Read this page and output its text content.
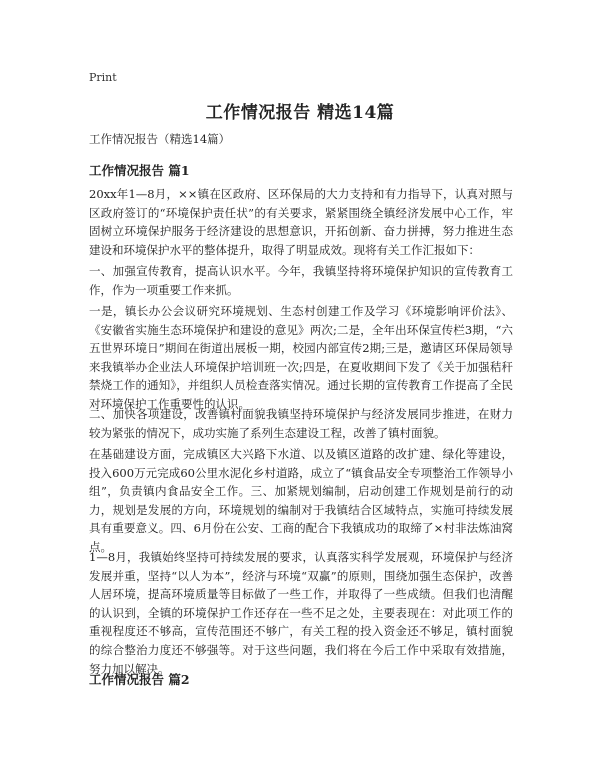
Print
工作情况报告 精选14篇
工作情况报告（精选14篇）
工作情况报告 篇1
20xx年1—8月，××镇在区政府、区环保局的大力支持和有力指导下，认真对照与区政府签订的“环境保护责任状”的有关要求，紧紧围绕全镇经济发展中心工作，牢固树立环境保护服务于经济建设的思想意识，开拓创新、奋力拼搏，努力推进生态建设和环境保护水平的整体提升，取得了明显成效。现将有关工作汇报如下：
一、加强宣传教育，提高认识水平。今年，我镇坚持将环境保护知识的宣传教育工作，作为一项重要工作来抓。
一是，镇长办公会议研究环境规划、生态村创建工作及学习《环境影响评价法》、《安徽省实施生态环境保护和建设的意见》两次;二是，全年出环保宣传栏3期，“六五世界环境日”期间在街道出展板一期，校园内部宣传2期;三是，邀请区环保局领导来我镇举办企业法人环境保护培训班一次;四是，在夏收期间下发了《关于加强秸秆禁烧工作的通知》，并组织人员检查落实情况。通过长期的宣传教育工作提高了全民对环境保护工作重要性的认识。
二、加快各项建设，改善镇村面貌我镇坚持环境保护与经济发展同步推进，在财力较为紧张的情况下，成功实施了系列生态建设工程，改善了镇村面貌。
在基础建设方面，完成镇区大兴路下水道、以及镇区道路的改扩建、绿化等建设，投入600万元完成60公里水泥化乡村道路，成立了“镇食品安全专项整治工作领导小组”，负责镇内食品安全工作。三、加紧规划编制，启动创建工作规划是前行的动力，规划是发展的方向，环境规划的编制对于我镇结合区域特点，实施可持续发展具有重要意义。四、6月份在公安、工商的配合下我镇成功的取缔了×村非法炼油窝点。
1—8月，我镇始终坚持可持续发展的要求，认真落实科学发展观，环境保护与经济发展并重，坚持“以人为本”，经济与环境“双赢”的原则，围绕加强生态保护，改善人居环境，提高环境质量等目标做了一些工作，并取得了一些成绩。但我们也清醒的认识到，全镇的环境保护工作还存在一些不足之处，主要表现在：对此项工作的重视程度还不够高，宣传范围还不够广，有关工程的投入资金还不够足，镇村面貌的综合整治力度还不够强等。对于这些问题，我们将在今后工作中采取有效措施，努力加以解决。
工作情况报告 篇2
